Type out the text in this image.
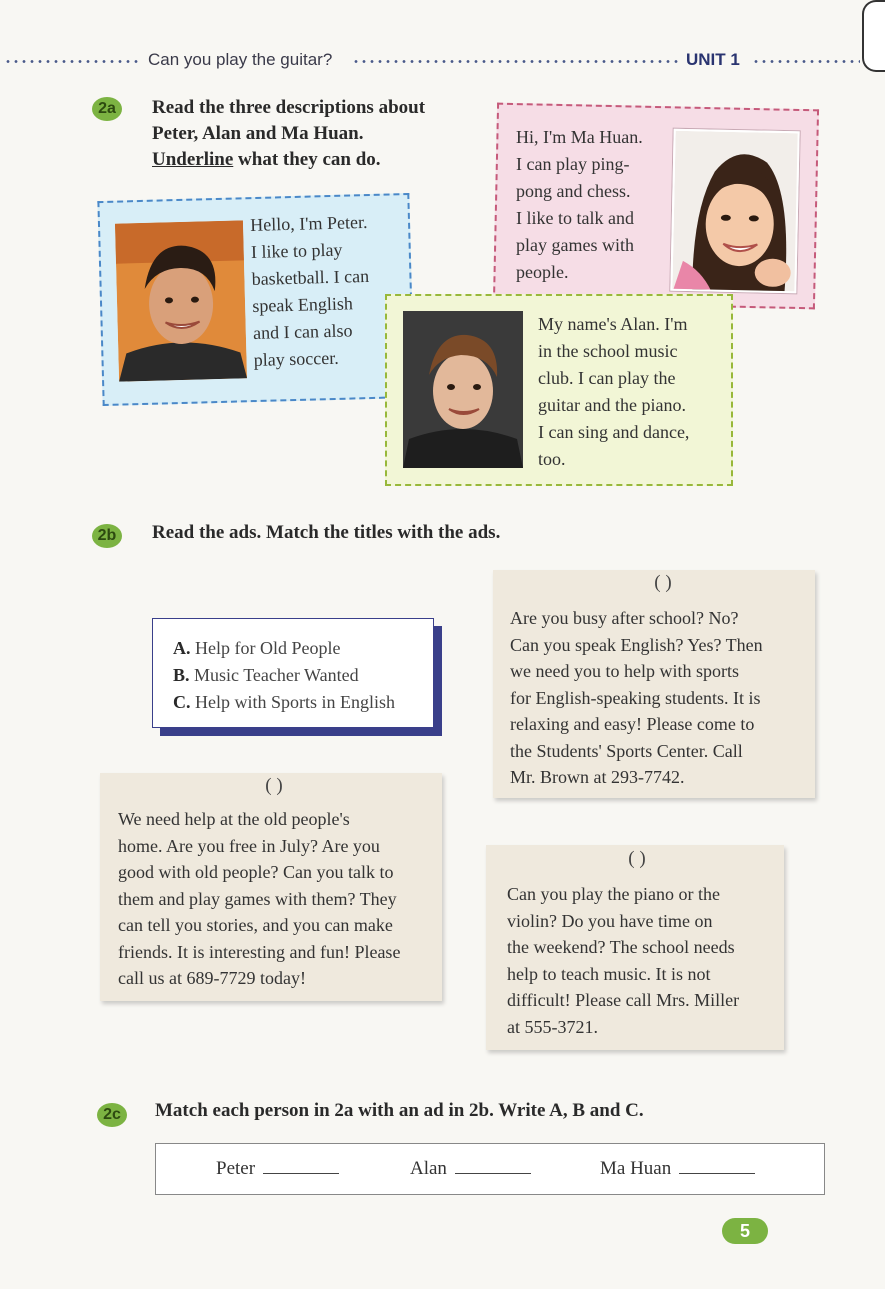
Can you play the guitar?	UNIT 1
2a	Read the three descriptions about
Peter, Alan and Ma Huan.
Underline what they can do.
Hi, I'm Ma Huan.
I can play ping-
pong and chess.
I like to talk and
play games with
people.
Hello, I'm Peter.
I like to play
basketball. I can
speak English
and I can also
play soccer.
My name's Alan. I'm
in the school music
club. I can play the
guitar and the piano.
I can sing and dance,
too.
2b Read the ads. Match the titles with the ads.
A. Help for Old People
B. Music Teacher Wanted
C. Help with Sports in English
( )
Are you busy after school? No?
Can you speak English? Yes? Then
we need you to help with sports
for English-speaking students. It is
relaxing and easy! Please come to
the Students' Sports Center. Call
Mr. Brown at 293-7742.
( )
We need help at the old people's
home. Are you free in July? Are you
good with old people? Can you talk to
them and play games with them? They
can tell you stories, and you can make
friends. It is interesting and fun! Please
call us at 689-7729 today!
( )
Can you play the piano or the
violin? Do you have time on
the weekend? The school needs
help to teach music. It is not
difficult! Please call Mrs. Miller
at 555-3721.
2c	Match each person in 2a with an ad in 2b. Write A, B and C.
Peter	Alan	Ma Huan
5
